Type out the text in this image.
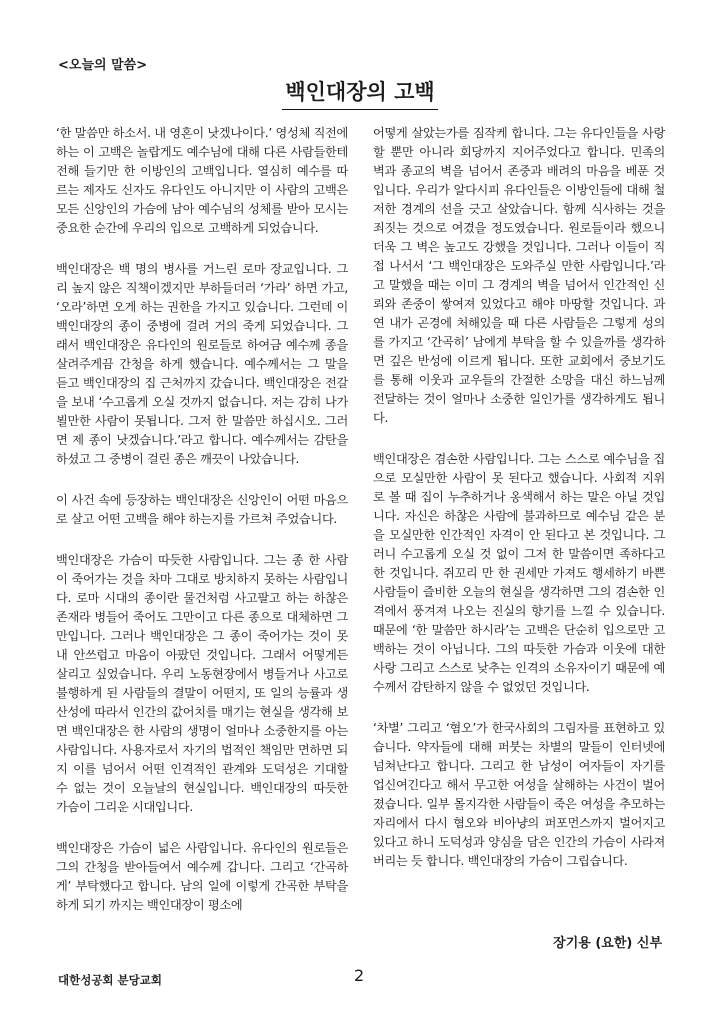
<오늘의 말씀>
백인대장의 고백

‘한 말씀만 하소서. 내 영혼이 낫겠나이다.’ 영성체 직전에 하는 이 고백은 놀랍게도 예수님에 대해 다른 사람들한테 전해 들기만 한 이방인의 고백입니다. 열심히 예수를 따르는 제자도 신자도 유다인도 아니지만 이 사람의 고백은 모든 신앙인의 가슴에 남아 예수님의 성체를 받아 모시는 중요한 순간에 우리의 입으로 고백하게 되었습니다.

백인대장은 백 명의 병사를 거느린 로마 장교입니다. 그리 높지 않은 직책이겠지만 부하들더러 ‘가라’ 하면 가고, ‘오라’하면 오게 하는 권한을 가지고 있습니다. 그런데 이 백인대장의 종이 중병에 걸려 거의 죽게 되었습니다. 그래서 백인대장은 유다인의 원로들로 하여금 예수께 종을 살려주게끔 간청을 하게 했습니다. 예수께서는 그 말을 듣고 백인대장의 집 근처까지 갔습니다. 백인대장은 전갈을 보내 ‘수고롭게 오실 것까지 없습니다. 저는 감히 나가 뵐만한 사람이 못됩니다. 그저 한 말씀만 하십시오. 그러면 제 종이 낫겠습니다.’라고 합니다. 예수께서는 감탄을 하셨고 그 중병이 걸린 종은 깨끗이 나았습니다.

이 사건 속에 등장하는 백인대장은 신앙인이 어떤 마음으로 살고 어떤 고백을 해야 하는지를 가르쳐 주었습니다.

백인대장은 가슴이 따듯한 사람입니다. 그는 종 한 사람이 죽어가는 것을 차마 그대로 방치하지 못하는 사람입니다. 로마 시대의 종이란 물건처럼 사고팔고 하는 하찮은 존재라 병들어 죽어도 그만이고 다른 종으로 대체하면 그만입니다. 그러나 백인대장은 그 종이 죽어가는 것이 못내 안쓰럽고 마음이 아팠던 것입니다. 그래서 어떻게든 살리고 싶었습니다. 우리 노동현장에서 병들거나 사고로 불행하게 된 사람들의 결말이 어떤지, 또 일의 능률과 생산성에 따라서 인간의 값어치를 매기는 현실을 생각해 보면 백인대장은 한 사람의 생명이 얼마나 소중한지를 아는 사람입니다. 사용자로서 자기의 법적인 책임만 면하면 되지 이를 넘어서 어떤 인격적인 관계와 도덕성은 기대할 수 없는 것이 오늘날의 현실입니다. 백인대장의 따듯한 가슴이 그리운 시대입니다.

백인대장은 가슴이 넓은 사람입니다. 유다인의 원로들은 그의 간청을 받아들여서 예수께 갑니다. 그리고 ‘간곡하게’ 부탁했다고 합니다. 남의 일에 이렇게 간곡한 부탁을 하게 되기 까지는 백인대장이 평소에

어떻게 살았는가를 짐작케 합니다. 그는 유다인들을 사랑할 뿐만 아니라 회당까지 지어주었다고 합니다. 민족의 벽과 종교의 벽을 넘어서 존중과 배려의 마음을 베푼 것입니다. 우리가 알다시피 유다인들은 이방인들에 대해 철저한 경계의 선을 긋고 살았습니다. 함께 식사하는 것을 죄짓는 것으로 여겼을 정도였습니다. 원로들이라 했으니 더욱 그 벽은 높고도 강했을 것입니다. 그러나 이들이 직접 나서서 ‘그 백인대장은 도와주실 만한 사람입니다.’라고 말했을 때는 이미 그 경계의 벽을 넘어서 인간적인 신뢰와 존중이 쌓여져 있었다고 해야 마땅할 것입니다. 과연 내가 곤경에 처해있을 때 다른 사람들은 그렇게 성의를 가지고 ‘간곡히’ 남에게 부탁을 할 수 있을까를 생각하면 깊은 반성에 이르게 됩니다. 또한 교회에서 중보기도를 통해 이웃과 교우들의 간절한 소망을 대신 하느님께 전달하는 것이 얼마나 소중한 일인가를 생각하게도 됩니다.

백인대장은 겸손한 사람입니다. 그는 스스로 예수님을 집으로 모실만한 사람이 못 된다고 했습니다. 사회적 지위로 볼 때 집이 누추하거나 옹색해서 하는 말은 아닐 것입니다. 자신은 하찮은 사람에 불과하므로 예수님 같은 분을 모실만한 인간적인 자격이 안 된다고 본 것입니다. 그러니 수고롭게 오실 것 없이 그저 한 말씀이면 족하다고 한 것입니다. 쥐꼬리 만 한 권세만 가져도 행세하기 바쁜 사람들이 즐비한 오늘의 현실을 생각하면 그의 겸손한 인격에서 풍겨져 나오는 진실의 향기를 느낄 수 있습니다. 때문에 ‘한 말씀만 하시라’는 고백은 단순히 입으로만 고백하는 것이 아닙니다. 그의 따듯한 가슴과 이웃에 대한 사랑 그리고 스스로 낮추는 인격의 소유자이기 때문에 예수께서 감탄하지 않을 수 없었던 것입니다.

‘차별’ 그리고 ‘혐오’가 한국사회의 그림자를 표현하고 있습니다. 약자들에 대해 퍼붓는 차별의 말들이 인터넷에 넘쳐난다고 합니다. 그리고 한 남성이 여자들이 자기를 업신여긴다고 해서 무고한 여성을 살해하는 사건이 벌어졌습니다. 일부 몰지각한 사람들이 죽은 여성을 추모하는 자리에서 다시 혐오와 비아냥의 퍼포먼스까지 벌어지고 있다고 하니 도덕성과 양심을 담은 인간의 가슴이 사라져버리는 듯 합니다. 백인대장의 가슴이 그립습니다.

장기용 (요한) 신부
대한성공회 분당교회	2
